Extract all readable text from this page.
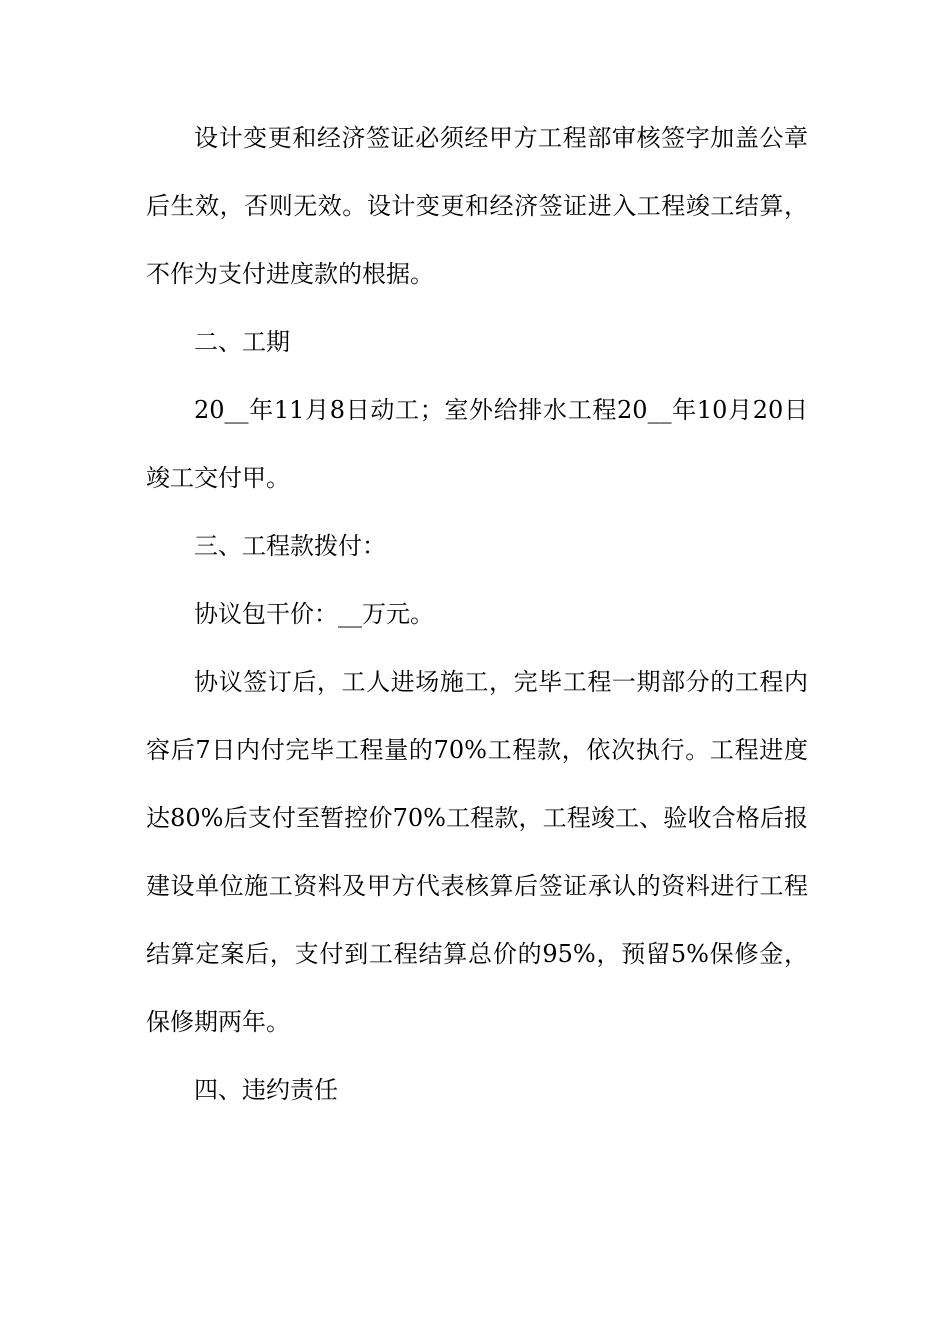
设计变更和经济签证必须经甲方工程部审核签字加盖公章后生效，否则无效。设计变更和经济签证进入工程竣工结算，不作为支付进度款的根据。

二、工期

20__年11月8日动工；室外给排水工程20__年10月20日竣工交付甲。

三、工程款拨付：

协议包干价：__万元。

协议签订后，工人进场施工，完毕工程一期部分的工程内容后7日内付完毕工程量的70%工程款，依次执行。工程进度达80%后支付至暂控价70%工程款，工程竣工、验收合格后报建设单位施工资料及甲方代表核算后签证承认的资料进行工程结算定案后，支付到工程结算总价的95%，预留5%保修金，保修期两年。

四、违约责任
